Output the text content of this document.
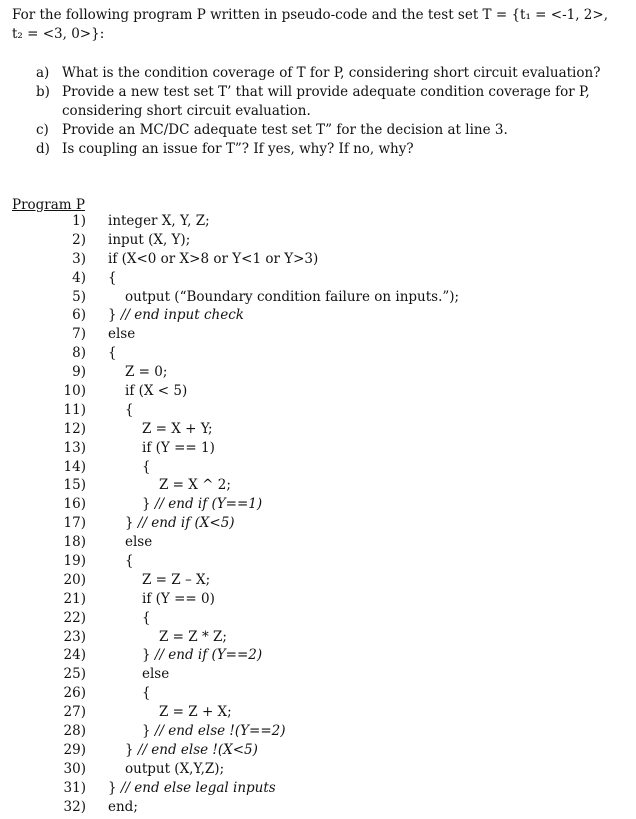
For the following program P written in pseudo-code and the test set T = {t₁ = <-1, 2>, t₂ = <3, 0>}:
a) What is the condition coverage of T for P, considering short circuit evaluation?
b) Provide a new test set T’ that will provide adequate condition coverage for P, considering short circuit evaluation.
c) Provide an MC/DC adequate test set T” for the decision at line 3.
d) Is coupling an issue for T”? If yes, why? If no, why?
Program P
1) integer X, Y, Z;
2) input (X, Y);
3) if (X<0 or X>8 or Y<1 or Y>3)
4) {
5)	output (“Boundary condition failure on inputs.”);
6) } // end input check
7) else
8) {
9)	Z = 0;
10)	if (X < 5)
11)	{
12)	Z = X + Y;
13)	if (Y == 1)
14)	{
15)	Z = X ^ 2;
16)	} // end if (Y==1)
17)	} // end if (X<5)
18)	else
19)	{
20)	Z = Z – X;
21)	if (Y == 0)
22)	{
23)	Z = Z * Z;
24)	} // end if (Y==2)
25)	else
26)	{
27)	Z = Z + X;
28)	} // end else !(Y==2)
29)	} // end else !(X<5)
30)	output (X,Y,Z);
31) } // end else legal inputs
32) end;
